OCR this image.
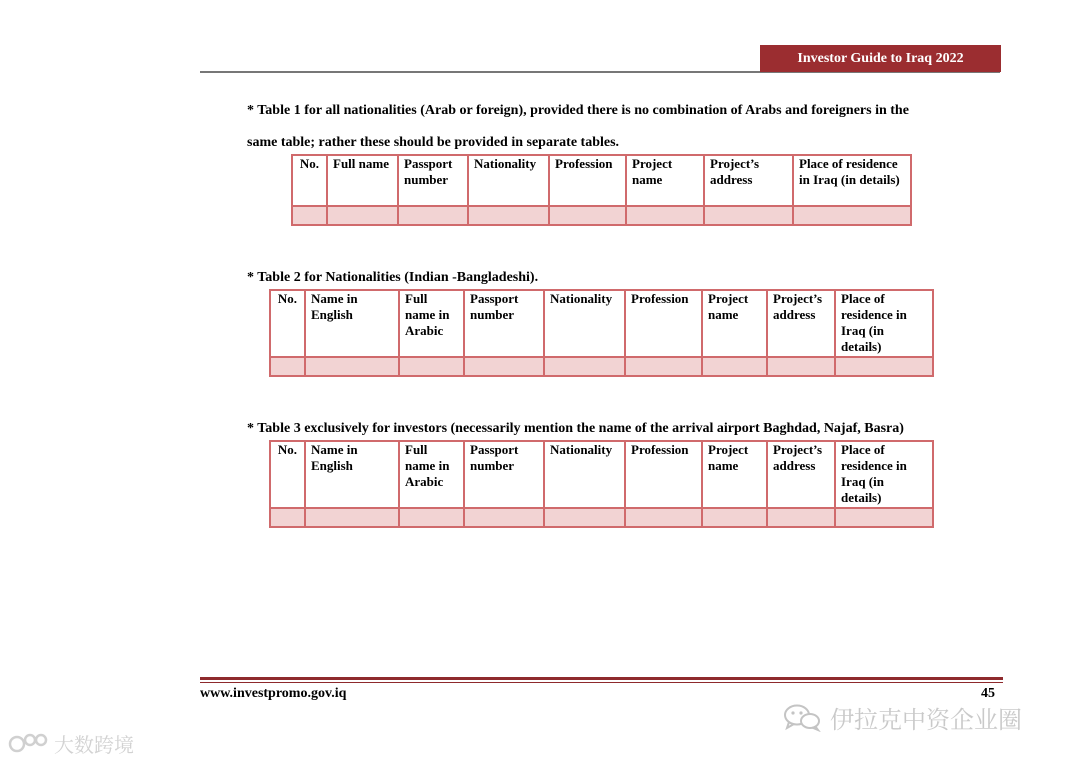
Investor Guide to Iraq 2022
* Table 1 for all nationalities (Arab or foreign), provided there is no combination of Arabs and foreigners in the
same table; rather these should be provided in separate tables.
No.	Full name	Passport number	Nationality	Profession	Project name	Project’s address	Place of residence in Iraq (in details)

* Table 2 for Nationalities (Indian -Bangladeshi).
No.	Name in English	Full name in Arabic	Passport number	Nationality	Profession	Project name	Project’s address	Place of residence in Iraq (in details)

* Table 3 exclusively for investors (necessarily mention the name of the arrival airport Baghdad, Najaf, Basra)
No.	Name in English	Full name in Arabic	Passport number	Nationality	Profession	Project name	Project’s address	Place of residence in Iraq (in details)

www.investpromo.gov.iq	45
伊拉克中资企业圈
大数跨境
